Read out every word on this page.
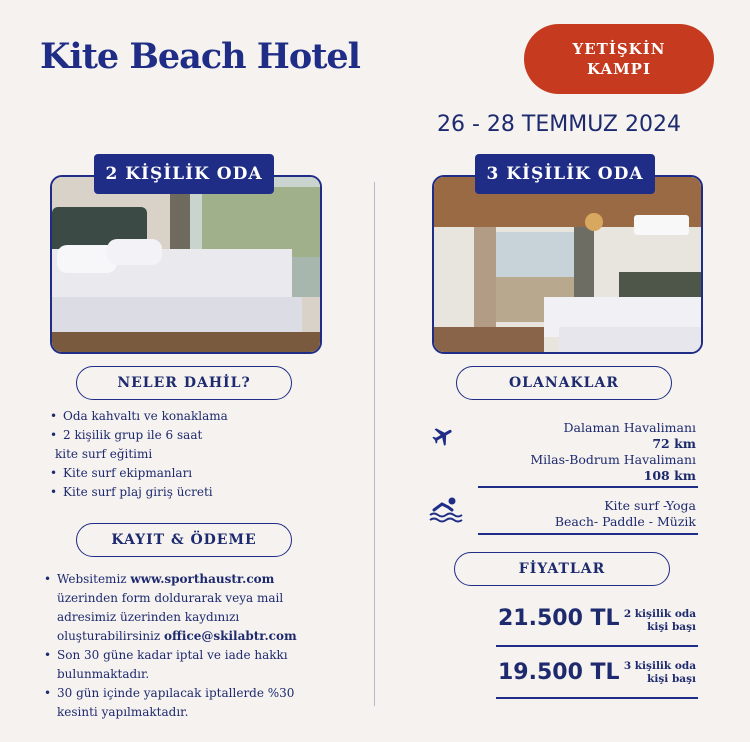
Kite Beach Hotel	YETİŞKİN
KAMPI
26 - 28 TEMMUZ 2024
2 KİŞİLİK ODA	3 KİŞİLİK ODA
NELER DAHİL?
• Oda kahvaltı ve konaklama
• 2 kişilik grup ile 6 saat
kite surf eğitimi
• Kite surf ekipmanları
• Kite surf plaj giriş ücreti
KAYIT & ÖDEME
• Websitemiz www.sporthaustr.com
üzerinden form doldurarak veya mail
adresimiz üzerinden kaydınızı
oluşturabilirsiniz office@skilabtr.com
• Son 30 güne kadar iptal ve iade hakkı
bulunmaktadır.
• 30 gün içinde yapılacak iptallerde %30
kesinti yapılmaktadır.
OLANAKLAR
Dalaman Havalimanı
72 km
Milas-Bodrum Havalimanı
108 km
Kite surf -Yoga
Beach- Paddle - Müzik
FİYATLAR
21.500 TL 2 kişilik oda
kişi başı
19.500 TL 3 kişilik oda
kişi başı
